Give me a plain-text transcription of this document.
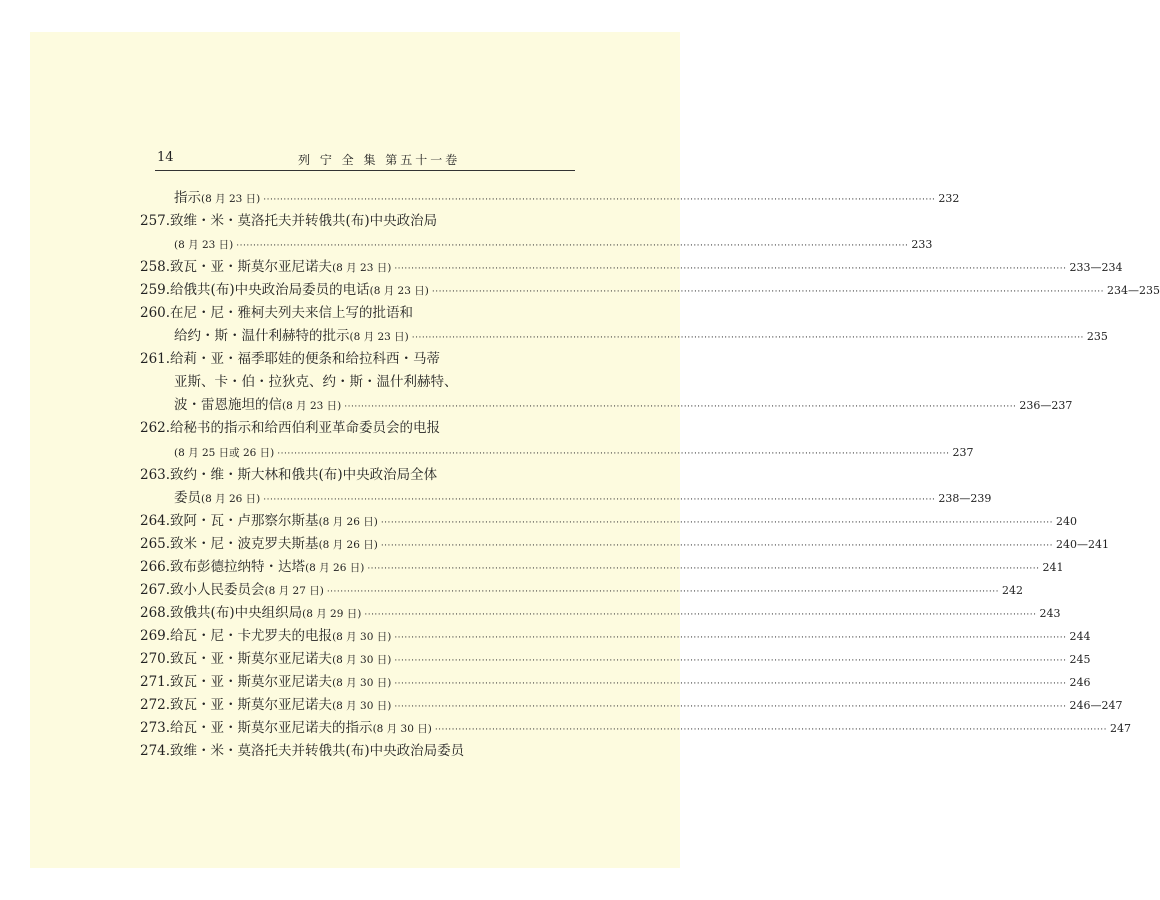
14	列 宁 全 集 第五十一卷
指示 (8 月 23 日) ········································································································································································································ 232
257.致维・米・莫洛托夫并转俄共(布)中央政治局
(8 月 23 日) ········································································································································································································ 233
258.致瓦・亚・斯莫尔亚尼诺夫 (8 月 23 日) ········································································································································································································ 233—234
259.给俄共(布)中央政治局委员的电话 (8 月 23 日) ········································································································································································································ 234—235
260.在尼・尼・雅柯夫列夫来信上写的批语和
给约・斯・温什利赫特的批示 (8 月 23 日) ········································································································································································································ 235
261.给莉・亚・福季耶娃的便条和给拉科西・马蒂
亚斯、卡・伯・拉狄克、约・斯・温什利赫特、
波・雷恩施坦的信 (8 月 23 日) ········································································································································································································ 236—237
262.给秘书的指示和给西伯利亚革命委员会的电报
(8 月 25 日或 26 日) ········································································································································································································ 237
263.致约・维・斯大林和俄共(布)中央政治局全体
委员 (8 月 26 日) ········································································································································································································ 238—239
264.致阿・瓦・卢那察尔斯基 (8 月 26 日) ········································································································································································································ 240
265.致米・尼・波克罗夫斯基 (8 月 26 日) ········································································································································································································ 240—241
266.致布彭德拉纳特・达塔 (8 月 26 日) ········································································································································································································ 241
267.致小人民委员会 (8 月 27 日) ········································································································································································································ 242
268.致俄共(布)中央组织局 (8 月 29 日) ········································································································································································································ 243
269.给瓦・尼・卡尤罗夫的电报 (8 月 30 日) ········································································································································································································ 244
270.致瓦・亚・斯莫尔亚尼诺夫 (8 月 30 日) ········································································································································································································ 245
271.致瓦・亚・斯莫尔亚尼诺夫 (8 月 30 日) ········································································································································································································ 246
272.致瓦・亚・斯莫尔亚尼诺夫 (8 月 30 日) ········································································································································································································ 246—247
273.给瓦・亚・斯莫尔亚尼诺夫的指示 (8 月 30 日) ········································································································································································································ 247
274.致维・米・莫洛托夫并转俄共(布)中央政治局委员
